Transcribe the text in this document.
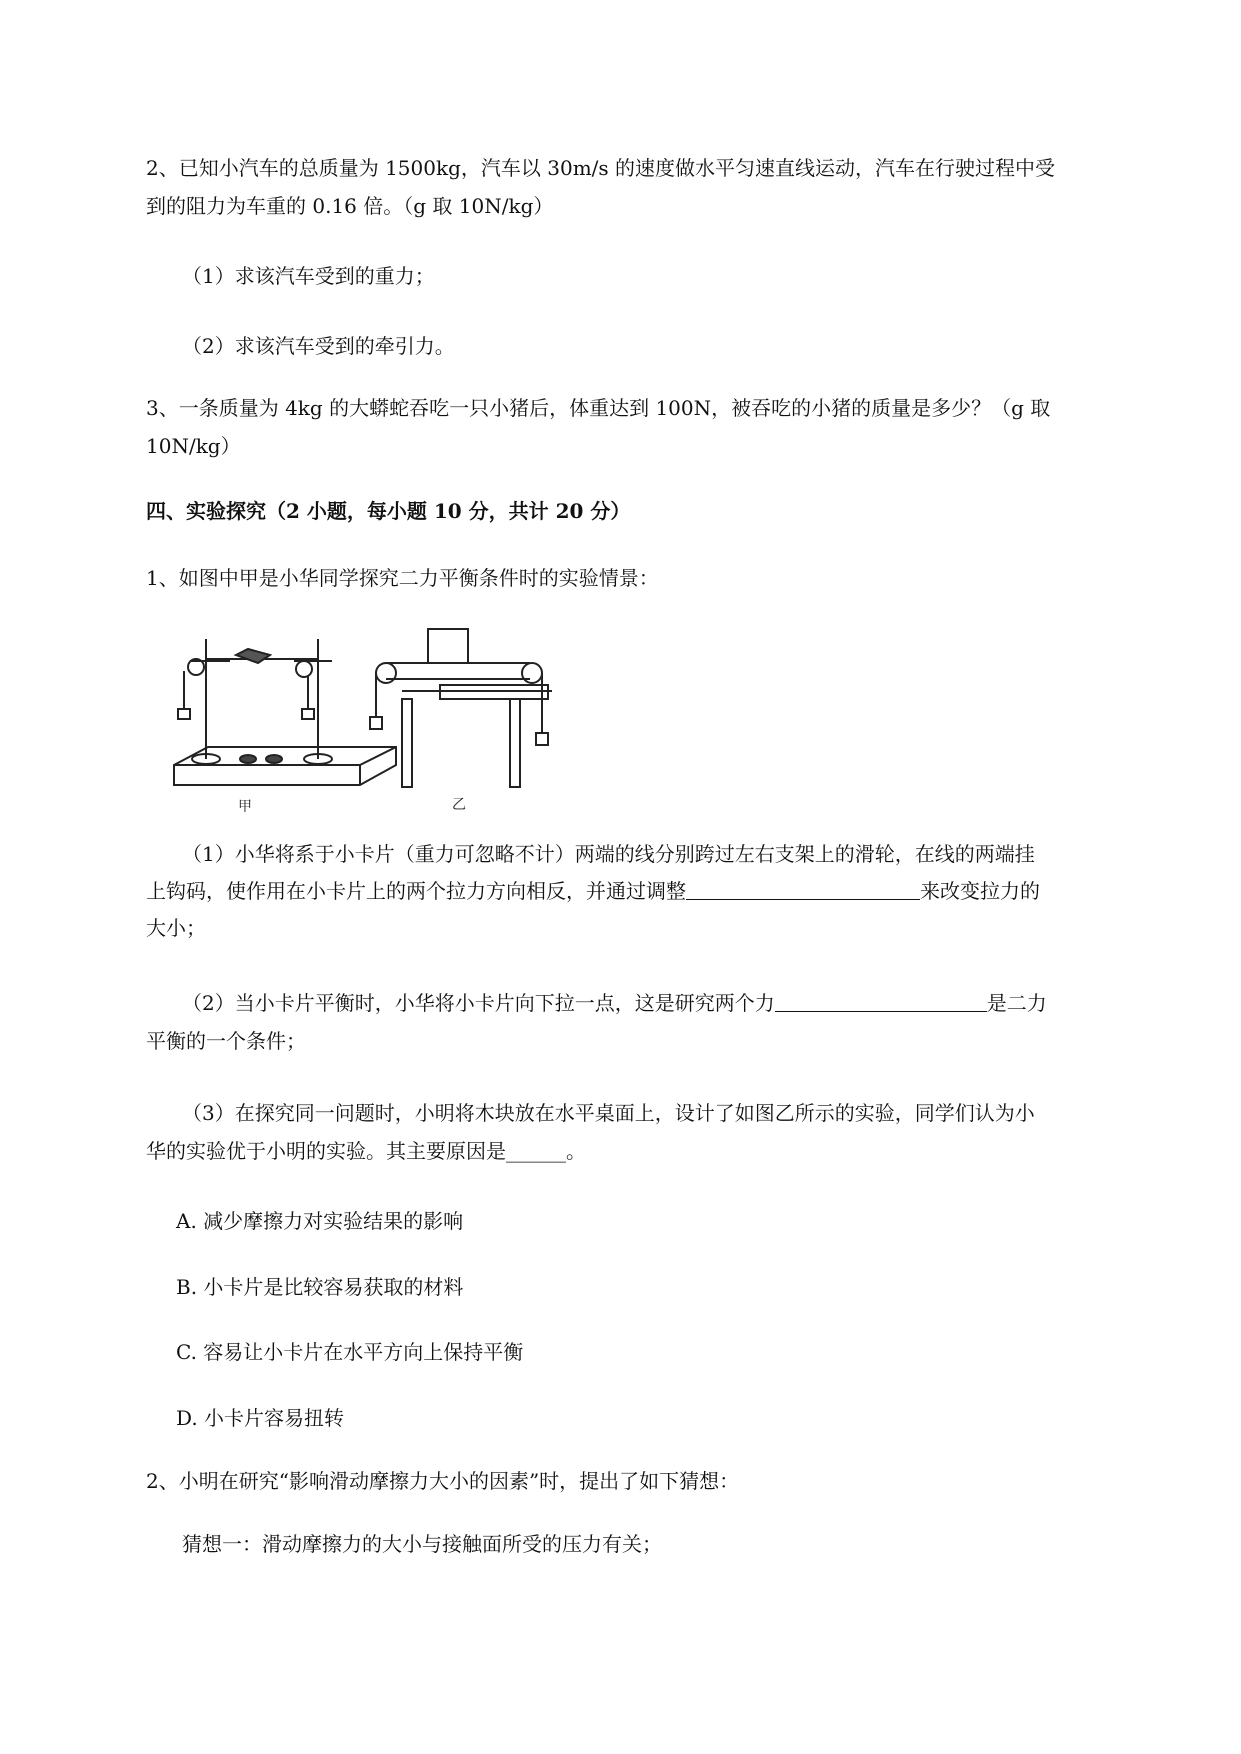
2、已知小汽车的总质量为 1500kg，汽车以 30m/s 的速度做水平匀速直线运动，汽车在行驶过程中受

到的阻力为车重的 0.16 倍。（g 取 10N/kg）

（1）求该汽车受到的重力；

（2）求该汽车受到的牵引力。

3、一条质量为 4kg 的大蟒蛇吞吃一只小猪后，体重达到 100N，被吞吃的小猪的质量是多少？（g 取

10N/kg）

四、实验探究（2 小题，每小题 10 分，共计 20 分）

1、如图中甲是小华同学探究二力平衡条件时的实验情景：

甲	乙

（1）小华将系于小卡片（重力可忽略不计）两端的线分别跨过左右支架上的滑轮，在线的两端挂

上钩码，使作用在小卡片上的两个拉力方向相反，并通过调整	来改变拉力的

大小；

（2）当小卡片平衡时，小华将小卡片向下拉一点，这是研究两个力	是二力

平衡的一个条件；

（3）在探究同一问题时，小明将木块放在水平桌面上，设计了如图乙所示的实验，同学们认为小

华的实验优于小明的实验。其主要原因是______。

A. 减少摩擦力对实验结果的影响

B. 小卡片是比较容易获取的材料

C. 容易让小卡片在水平方向上保持平衡

D. 小卡片容易扭转

2、小明在研究“影响滑动摩擦力大小的因素”时，提出了如下猜想：

猜想一：滑动摩擦力的大小与接触面所受的压力有关；
